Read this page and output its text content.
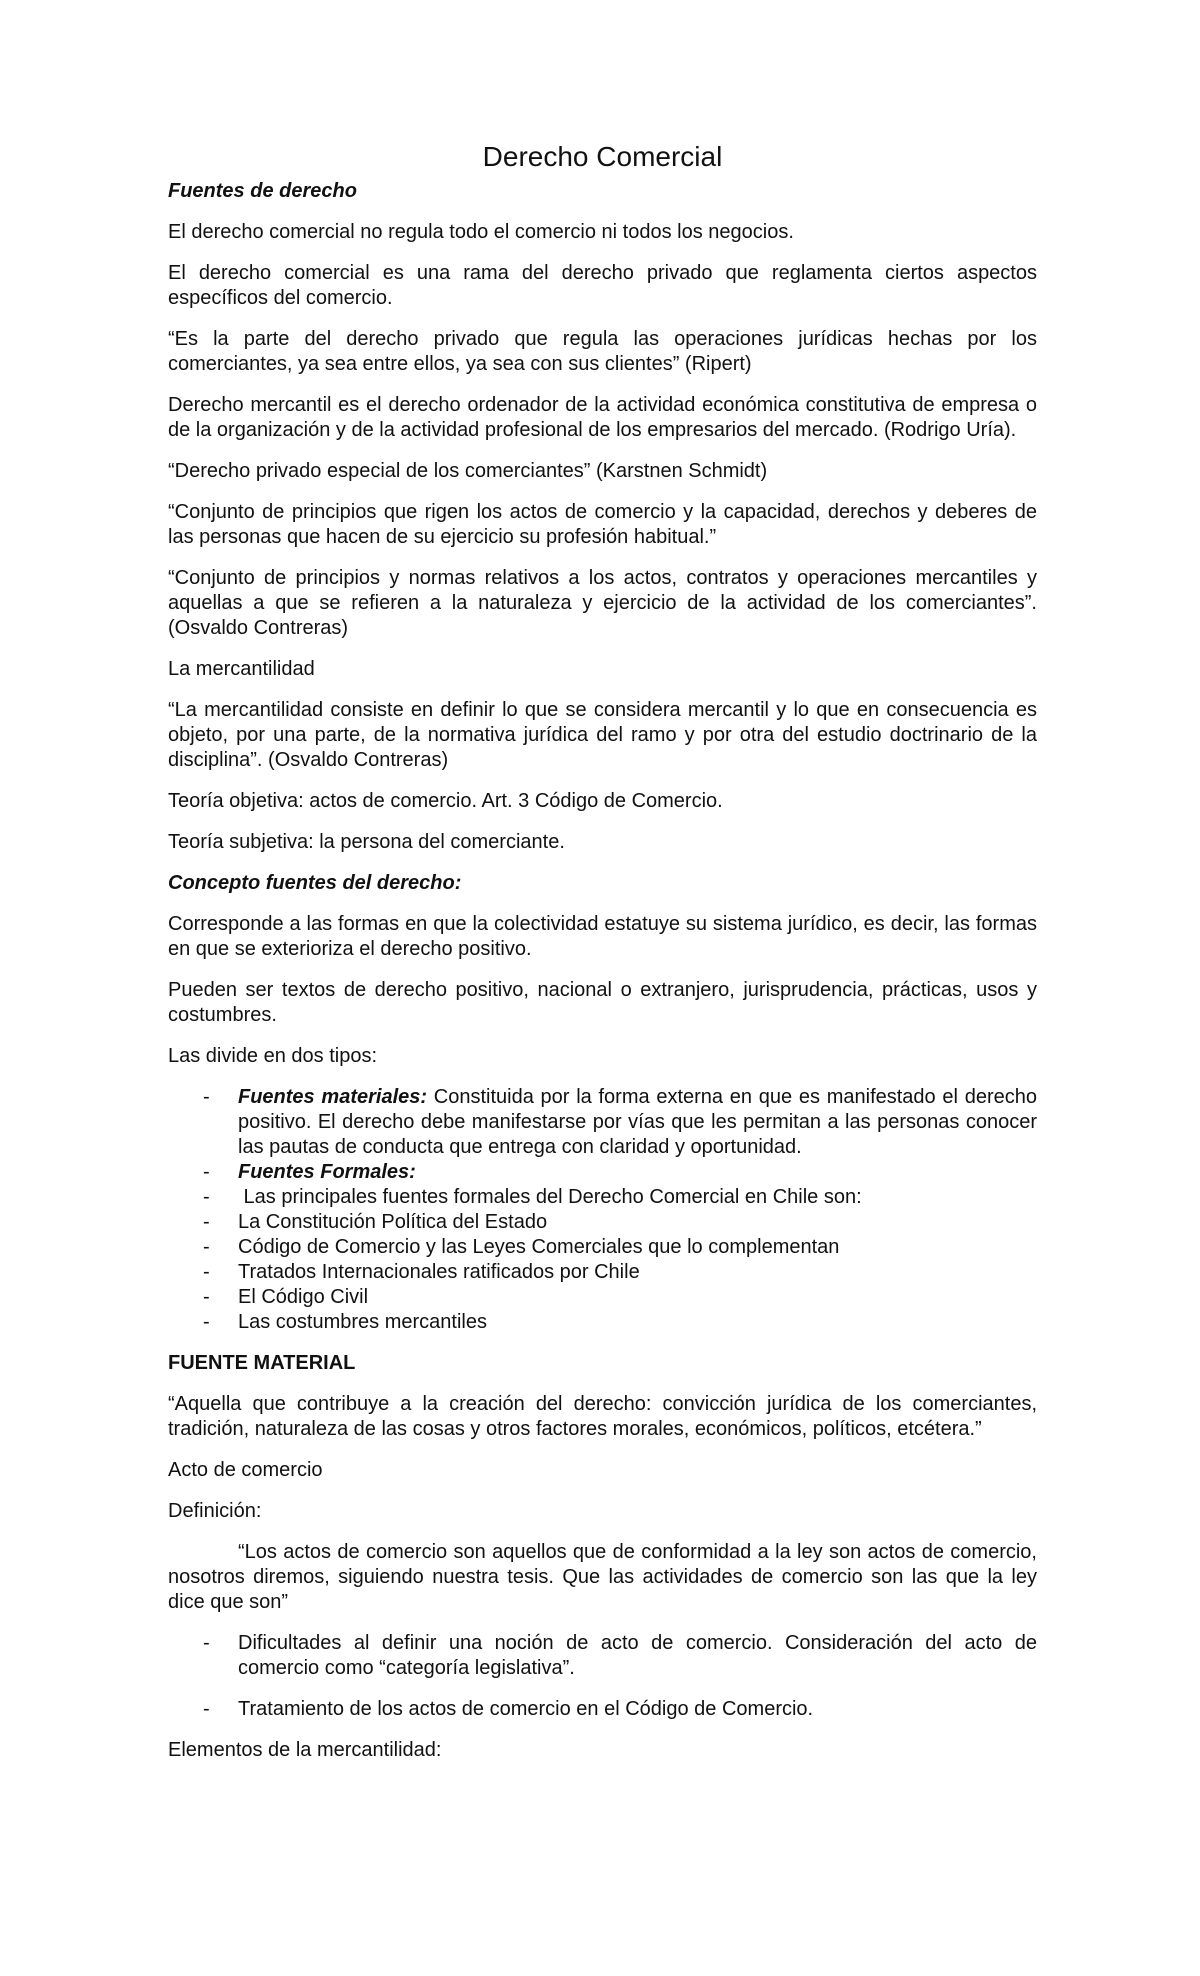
Derecho Comercial

Fuentes de derecho

El derecho comercial no regula todo el comercio ni todos los negocios.

El derecho comercial es una rama del derecho privado que reglamenta ciertos aspectos específicos del comercio.

“Es la parte del derecho privado que regula las operaciones jurídicas hechas por los comerciantes, ya sea entre ellos, ya sea con sus clientes” (Ripert)

Derecho mercantil es el derecho ordenador de la actividad económica constitutiva de empresa o de la organización y de la actividad profesional de los empresarios del mercado. (Rodrigo Uría).

“Derecho privado especial de los comerciantes” (Karstnen Schmidt)

“Conjunto de principios que rigen los actos de comercio y la capacidad, derechos y deberes de las personas que hacen de su ejercicio su profesión habitual.”

“Conjunto de principios y normas relativos a los actos, contratos y operaciones mercantiles y aquellas a que se refieren a la naturaleza y ejercicio de la actividad de los comerciantes”. (Osvaldo Contreras)

La mercantilidad

“La mercantilidad consiste en definir lo que se considera mercantil y lo que en consecuencia es objeto, por una parte, de la normativa jurídica del ramo y por otra del estudio doctrinario de la disciplina”. (Osvaldo Contreras)

Teoría objetiva: actos de comercio. Art. 3 Código de Comercio.

Teoría subjetiva: la persona del comerciante.

Concepto fuentes del derecho:

Corresponde a las formas en que la colectividad estatuye su sistema jurídico, es decir, las formas en que se exterioriza el derecho positivo.

Pueden ser textos de derecho positivo, nacional o extranjero, jurisprudencia, prácticas, usos y costumbres.

Las divide en dos tipos:

- Fuentes materiales: Constituida por la forma externa en que es manifestado el derecho positivo. El derecho debe manifestarse por vías que les permitan a las personas conocer las pautas de conducta que entrega con claridad y oportunidad.
- Fuentes Formales:
-  Las principales fuentes formales del Derecho Comercial en Chile son:
- La Constitución Política del Estado
- Código de Comercio y las Leyes Comerciales que lo complementan
- Tratados Internacionales ratificados por Chile
- El Código Civil
- Las costumbres mercantiles

FUENTE MATERIAL

“Aquella que contribuye a la creación del derecho: convicción jurídica de los comerciantes, tradición, naturaleza de las cosas y otros factores morales, económicos, políticos, etcétera.”

Acto de comercio

Definición:

“Los actos de comercio son aquellos que de conformidad a la ley son actos de comercio, nosotros diremos, siguiendo nuestra tesis. Que las actividades de comercio son las que la ley dice que son”

- Dificultades al definir una noción de acto de comercio. Consideración del acto de comercio como “categoría legislativa”.
- Tratamiento de los actos de comercio en el Código de Comercio.

Elementos de la mercantilidad:
